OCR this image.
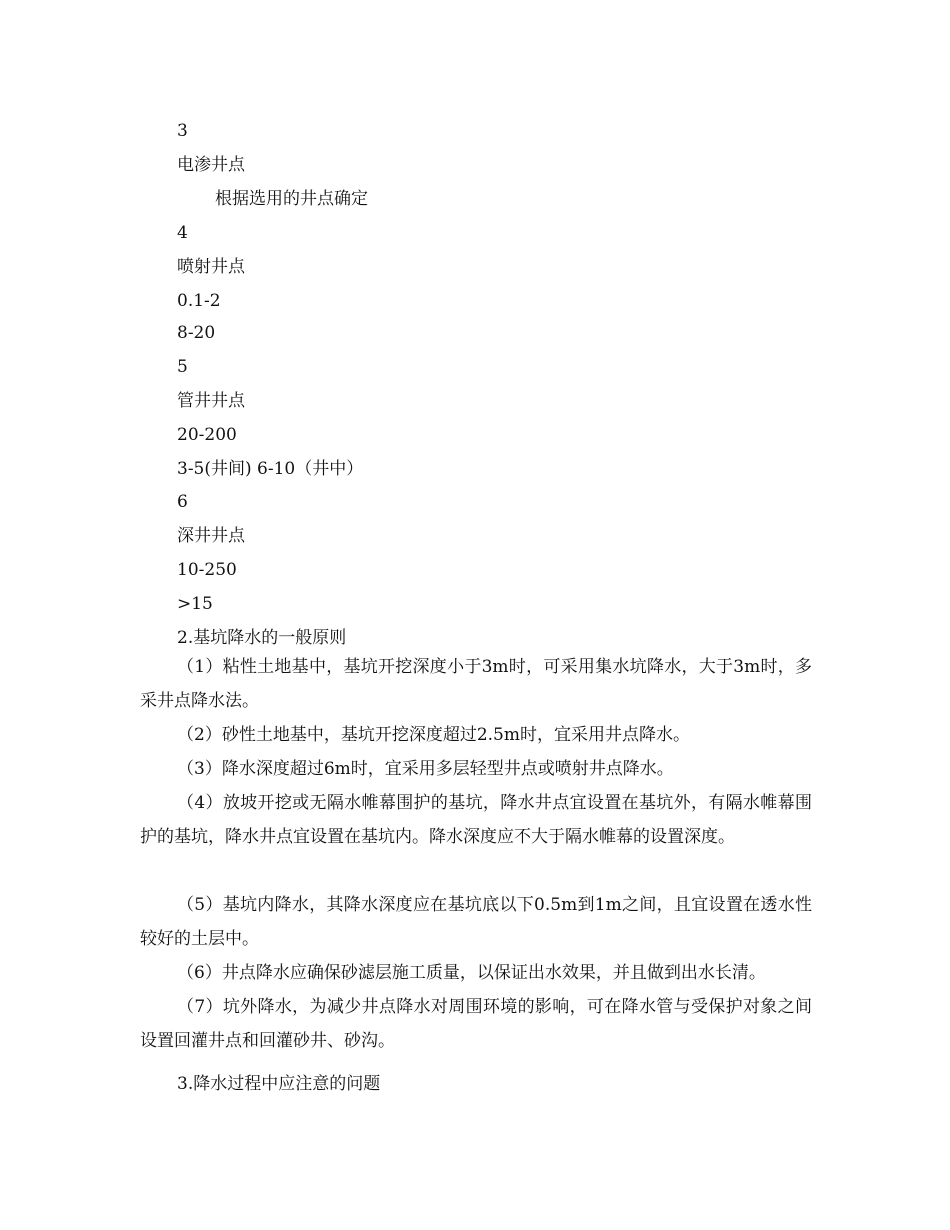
3
电渗井点
根据选用的井点确定
4
喷射井点
0.1-2
8-20
5
管井井点
20-200
3-5(井间) 6-10（井中）
6
深井井点
10-250
>15
2.基坑降水的一般原则
（1）粘性土地基中，基坑开挖深度小于3m时，可采用集水坑降水，大于3m时，多采井点降水法。
（2）砂性土地基中，基坑开挖深度超过2.5m时，宜采用井点降水。
（3）降水深度超过6m时，宜采用多层轻型井点或喷射井点降水。
（4）放坡开挖或无隔水帷幕围护的基坑，降水井点宜设置在基坑外，有隔水帷幕围护的基坑，降水井点宜设置在基坑内。降水深度应不大于隔水帷幕的设置深度。
（5）基坑内降水，其降水深度应在基坑底以下0.5m到1m之间，且宜设置在透水性较好的土层中。
（6）井点降水应确保砂滤层施工质量，以保证出水效果，并且做到出水长清。
（7）坑外降水，为减少井点降水对周围环境的影响，可在降水管与受保护对象之间设置回灌井点和回灌砂井、砂沟。
3.降水过程中应注意的问题
